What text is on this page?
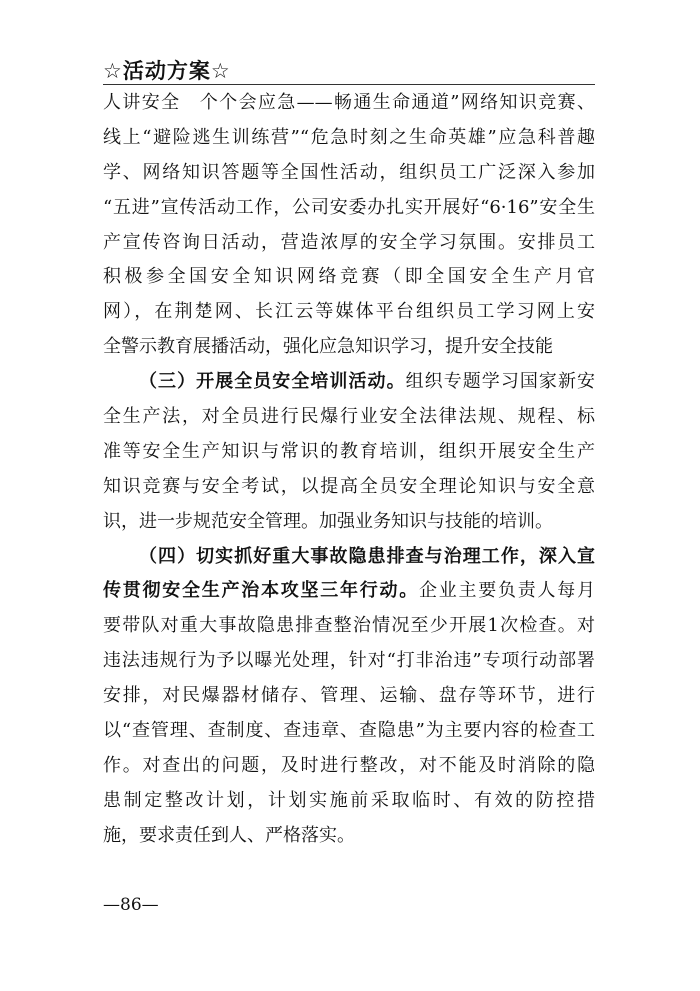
☆活动方案☆
人讲安全　个个会应急——畅通生命通道”网络知识竞赛、
线上“避险逃生训练营”“危急时刻之生命英雄”应急科普趣
学、网络知识答题等全国性活动，组织员工广泛深入参加
“五进”宣传活动工作，公司安委办扎实开展好“6·16”安全生
产宣传咨询日活动，营造浓厚的安全学习氛围。安排员工
积极参全国安全知识网络竞赛（即全国安全生产月官
网），在荆楚网、长江云等媒体平台组织员工学习网上安
全警示教育展播活动，强化应急知识学习，提升安全技能
（三）开展全员安全培训活动。组织专题学习国家新安
全生产法，对全员进行民爆行业安全法律法规、规程、标
准等安全生产知识与常识的教育培训，组织开展安全生产
知识竞赛与安全考试，以提高全员安全理论知识与安全意
识，进一步规范安全管理。加强业务知识与技能的培训。
（四）切实抓好重大事故隐患排查与治理工作，深入宣
传贯彻安全生产治本攻坚三年行动。企业主要负责人每月
要带队对重大事故隐患排查整治情况至少开展1次检查。对
违法违规行为予以曝光处理，针对“打非治违”专项行动部署
安排，对民爆器材储存、管理、运输、盘存等环节，进行
以“查管理、查制度、查违章、查隐患”为主要内容的检查工
作。对查出的问题，及时进行整改，对不能及时消除的隐
患制定整改计划，计划实施前采取临时、有效的防控措
施，要求责任到人、严格落实。
—86—
